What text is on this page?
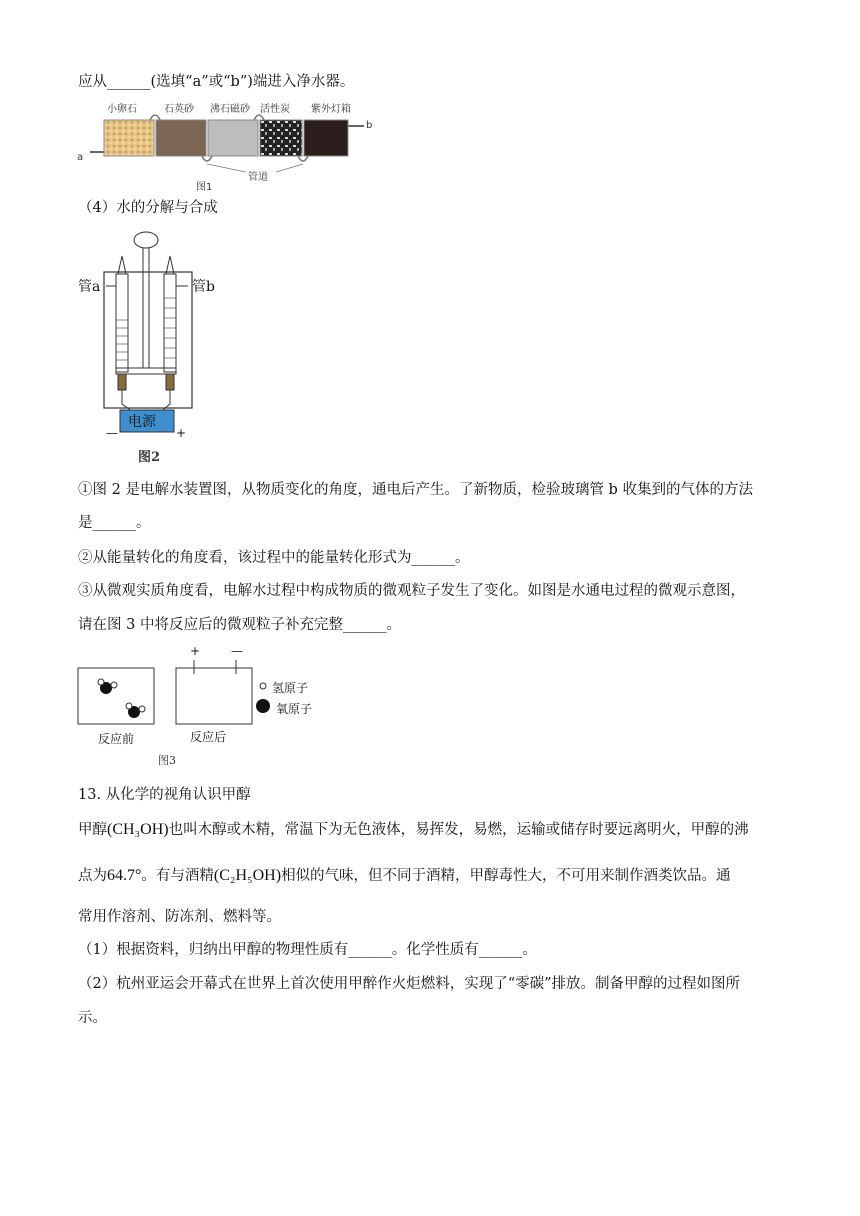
应从______(选填“a”或“b”)端进入净水器。
小卵石	石英砂 沸石磁砂 活性炭 紫外灯箱
a
b
管道
图1
（4）水的分解与合成
管a	管b
电源
—	+
图2
①图 2 是电解水装置图，从物质变化的角度，通电后产生。了新物质，检验玻璃管 b 收集到的气体的方法
是______。
②从能量转化的角度看，该过程中的能量转化形式为______。
③从微观实质角度看，电解水过程中构成物质的微观粒子发生了变化。如图是水通电过程的微观示意图，
请在图 3 中将反应后的微观粒子补充完整______。
+	—
氢原子
氧原子
反应前	反应后
图3
13. 从化学的视角认识甲醇
甲醇(CH₃OH)也叫木醇或木精，常温下为无色液体，易挥发，易燃，运输或储存时要远离明火，甲醇的沸
点为64.7°。有与酒精(C₂H₅OH)相似的气味，但不同于酒精，甲醇毒性大，不可用来制作酒类饮品。通
常用作溶剂、防冻剂、燃料等。
（1）根据资料，归纳出甲醇的物理性质有______。化学性质有______。
（2）杭州亚运会开幕式在世界上首次使用甲醉作火炬燃料，实现了“零碳”排放。制备甲醇的过程如图所
示。
